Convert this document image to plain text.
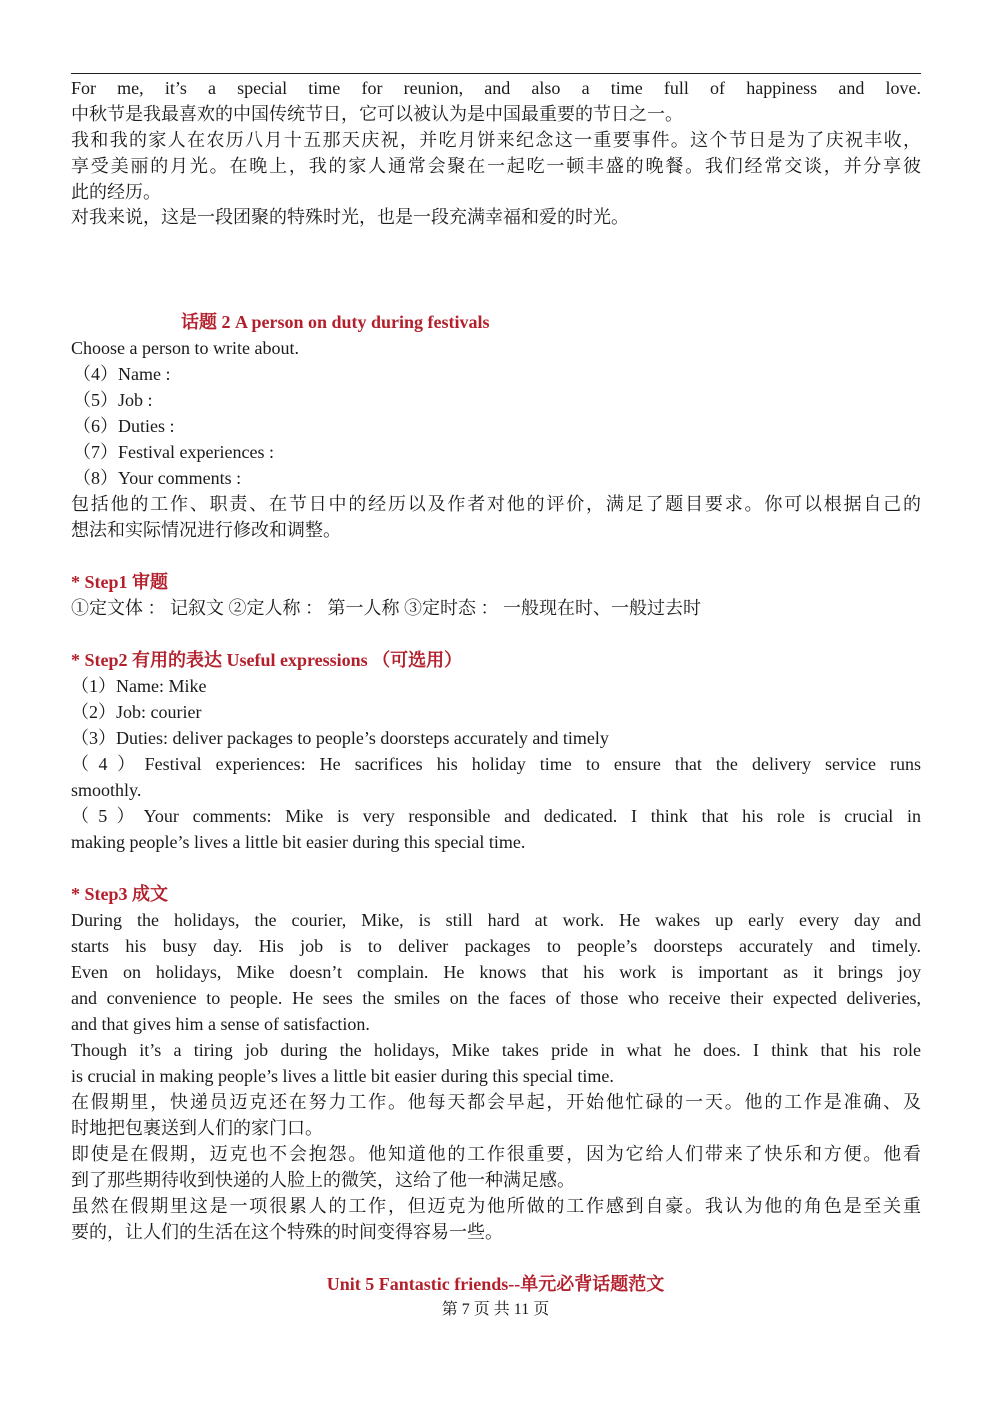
For me, it’s a special time for reunion, and also a time full of happiness and love.
中秋节是我最喜欢的中国传统节日，它可以被认为是中国最重要的节日之一。
我和我的家人在农历八月十五那天庆祝，并吃月饼来纪念这一重要事件。这个节日是为了庆祝丰收，
享受美丽的月光。在晚上，我的家人通常会聚在一起吃一顿丰盛的晚餐。我们经常交谈，并分享彼
此的经历。
对我来说，这是一段团聚的特殊时光，也是一段充满幸福和爱的时光。
话题 2 A person on duty during festivals
Choose a person to write about.
（4）Name :
（5）Job :
（6）Duties :
（7）Festival experiences :
（8）Your comments :
包括他的工作、职责、在节日中的经历以及作者对他的评价，满足了题目要求。你可以根据自己的
想法和实际情况进行修改和调整。
* Step1 审题
①定文体 ： 记叙文 ②定人称 ： 第一人称 ③定时态 ： 一般现在时、一般过去时
* Step2 有用的表达 Useful expressions （可选用）
（1）Name: Mike
（2）Job: courier
（3）Duties: deliver packages to people’s doorsteps accurately and timely
（4）Festival experiences: He sacrifices his holiday time to ensure that the delivery service runs
smoothly.
（5）Your comments: Mike is very responsible and dedicated. I think that his role is crucial in
making people’s lives a little bit easier during this special time.
* Step3 成文
During the holidays, the courier, Mike, is still hard at work. He wakes up early every day and
starts his busy day. His job is to deliver packages to people’s doorsteps accurately and timely.
Even on holidays, Mike doesn’t complain. He knows that his work is important as it brings joy
and convenience to people. He sees the smiles on the faces of those who receive their expected deliveries,
and that gives him a sense of satisfaction.
Though it’s a tiring job during the holidays, Mike takes pride in what he does. I think that his role
is crucial in making people’s lives a little bit easier during this special time.
在假期里，快递员迈克还在努力工作。他每天都会早起，开始他忙碌的一天。他的工作是准确、及
时地把包裹送到人们的家门口。
即使是在假期，迈克也不会抱怨。他知道他的工作很重要，因为它给人们带来了快乐和方便。他看
到了那些期待收到快递的人脸上的微笑，这给了他一种满足感。
虽然在假期里这是一项很累人的工作，但迈克为他所做的工作感到自豪。我认为他的角色是至关重
要的，让人们的生活在这个特殊的时间变得容易一些。
Unit 5 Fantastic friends--单元必背话题范文
第 7 页 共 11 页
